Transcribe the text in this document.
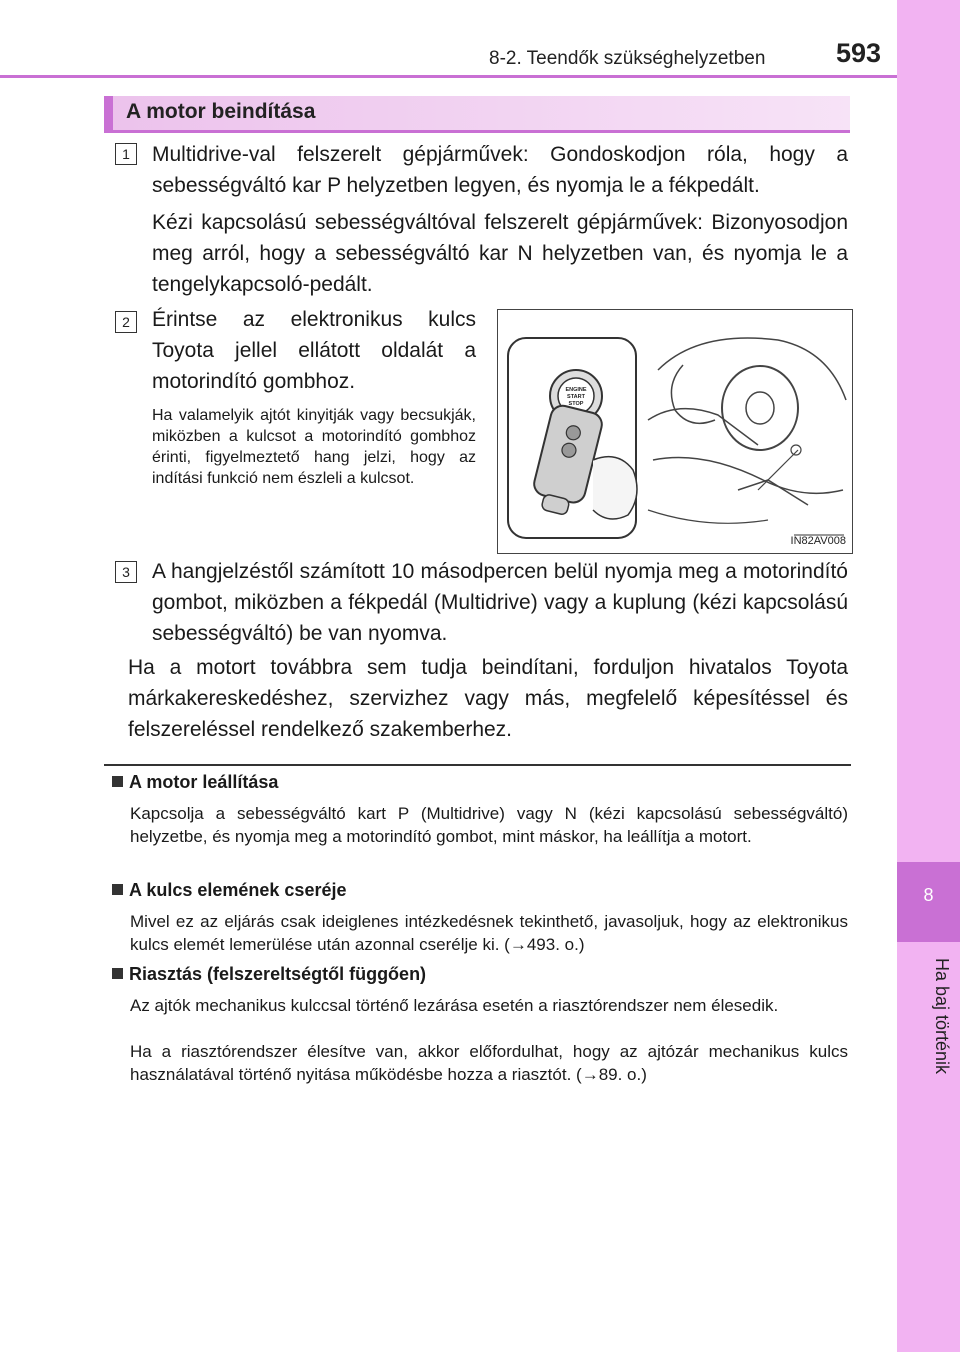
8-2. Teendők szükséghelyzetben	593
8
Ha baj történik
A motor beindítása
1	Multidrive-val felszerelt gépjárművek: Gondoskodjon róla, hogy a sebességváltó kar P helyzetben legyen, és nyomja le a fékpedált.
Kézi kapcsolású sebességváltóval felszerelt gépjárművek: Bizonyosodjon meg arról, hogy a sebességváltó kar N helyzetben van, és nyomja le a tengelykapcsoló-pedált.
2	Érintse az elektronikus kulcs Toyota jellel ellátott oldalát a motorindító gombhoz.
Ha valamelyik ajtót kinyitják vagy becsukják, miközben a kulcsot a motorindító gombhoz érinti, figyelmeztető hang jelzi, hogy az indítási funkció nem észleli a kulcsot.
ENGINE
START
STOP
IN82AV008
3	A hangjelzéstől számított 10 másodpercen belül nyomja meg a motorindító gombot, miközben a fékpedál (Multidrive) vagy a kuplung (kézi kapcsolású sebességváltó) be van nyomva.
Ha a motort továbbra sem tudja beindítani, forduljon hivatalos Toyota márkakereskedéshez, szervizhez vagy más, megfelelő képesítéssel és felszereléssel rendelkező szakemberhez.
A motor leállítása
Kapcsolja a sebességváltó kart P (Multidrive) vagy N (kézi kapcsolású sebességváltó) helyzetbe, és nyomja meg a motorindító gombot, mint máskor, ha leállítja a motort.
A kulcs elemének cseréje
Mivel ez az eljárás csak ideiglenes intézkedésnek tekinthető, javasoljuk, hogy az elektronikus kulcs elemét lemerülése után azonnal cserélje ki. (→493. o.)
Riasztás (felszereltségtől függően)
Az ajtók mechanikus kulccsal történő lezárása esetén a riasztórendszer nem élesedik.
Ha a riasztórendszer élesítve van, akkor előfordulhat, hogy az ajtózár mechanikus kulcs használatával történő nyitása működésbe hozza a riasztót. (→89. o.)
